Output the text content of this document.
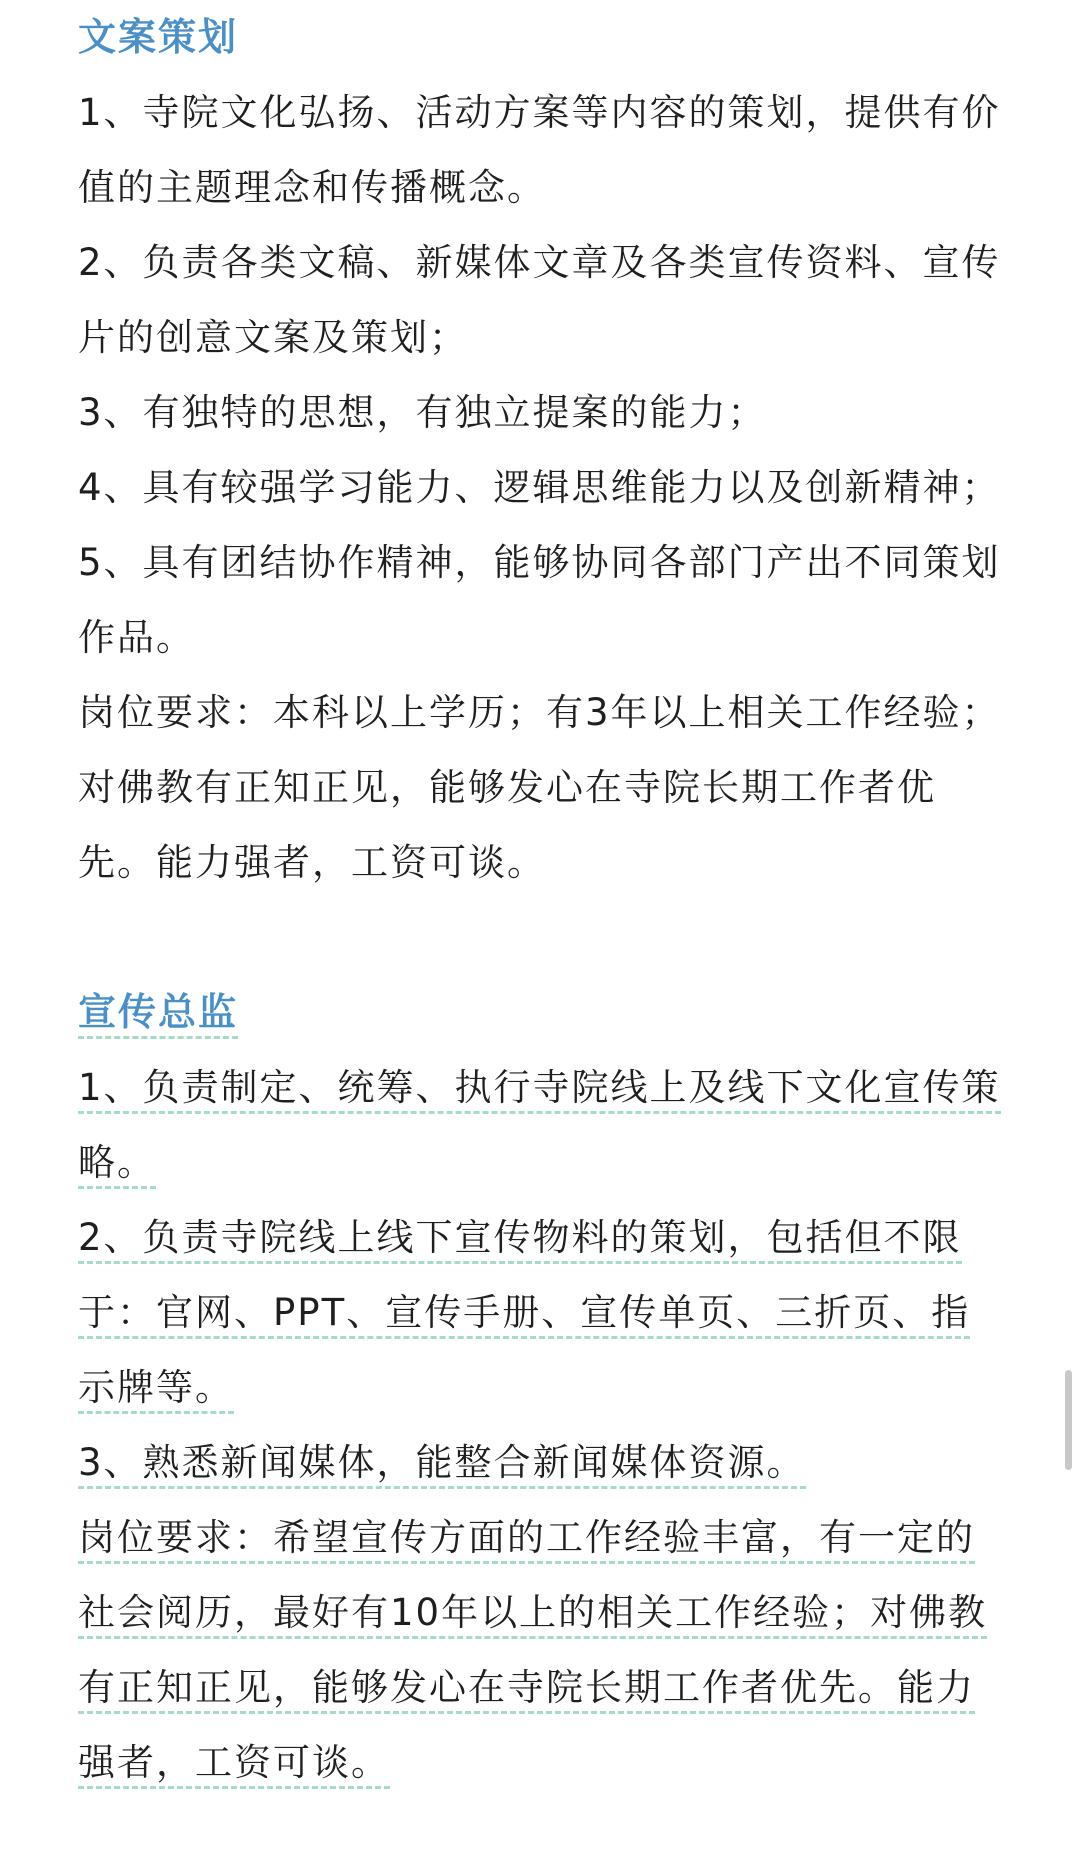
文案策划

1、寺院文化弘扬、活动方案等内容的策划，提供有价值的主题理念和传播概念。

2、负责各类文稿、新媒体文章及各类宣传资料、宣传片的创意文案及策划；

3、有独特的思想，有独立提案的能力；

4、具有较强学习能力、逻辑思维能力以及创新精神；

5、具有团结协作精神，能够协同各部门产出不同策划作品。

岗位要求：本科以上学历；有3年以上相关工作经验；对佛教有正知正见，能够发心在寺院长期工作者优先。能力强者，工资可谈。

宣传总监

1、负责制定、统筹、执行寺院线上及线下文化宣传策略。

2、负责寺院线上线下宣传物料的策划，包括但不限于：官网、PPT、宣传手册、宣传单页、三折页、指示牌等。

3、熟悉新闻媒体，能整合新闻媒体资源。

岗位要求：希望宣传方面的工作经验丰富，有一定的社会阅历，最好有10年以上的相关工作经验；对佛教有正知正见，能够发心在寺院长期工作者优先。能力强者，工资可谈。
